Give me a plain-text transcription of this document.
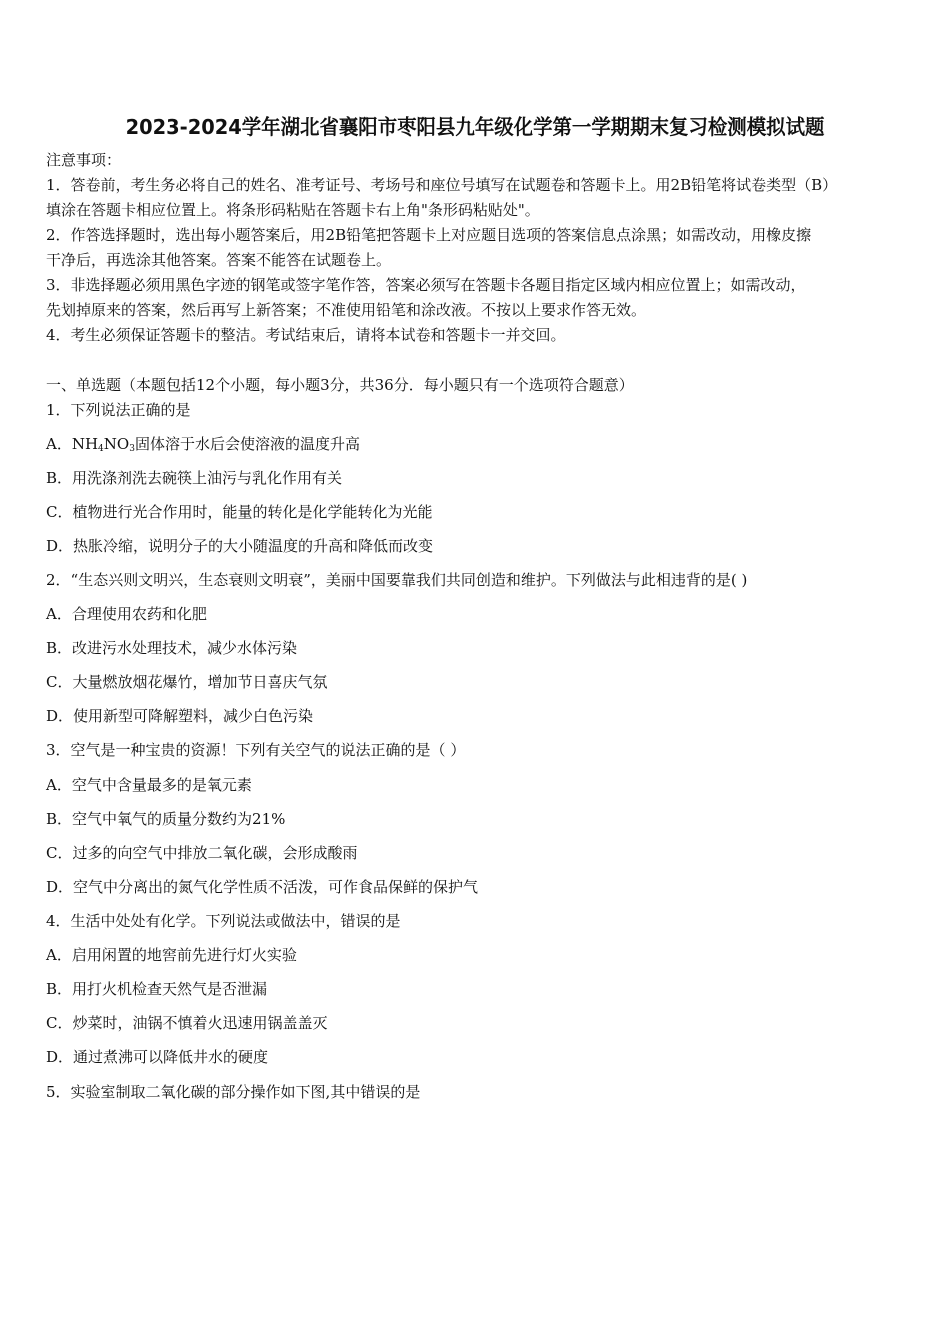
2023-2024学年湖北省襄阳市枣阳县九年级化学第一学期期末复习检测模拟试题
注意事项：
1．答卷前，考生务必将自己的姓名、准考证号、考场号和座位号填写在试题卷和答题卡上。用2B铅笔将试卷类型（B）
填涂在答题卡相应位置上。将条形码粘贴在答题卡右上角"条形码粘贴处"。
2．作答选择题时，选出每小题答案后，用2B铅笔把答题卡上对应题目选项的答案信息点涂黑；如需改动，用橡皮擦
干净后，再选涂其他答案。答案不能答在试题卷上。
3．非选择题必须用黑色字迹的钢笔或签字笔作答，答案必须写在答题卡各题目指定区域内相应位置上；如需改动，
先划掉原来的答案，然后再写上新答案；不准使用铅笔和涂改液。不按以上要求作答无效。
4．考生必须保证答题卡的整洁。考试结束后，请将本试卷和答题卡一并交回。
一、单选题（本题包括12个小题，每小题3分，共36分．每小题只有一个选项符合题意）
1．下列说法正确的是
A．$NH_4NO_3$固体溶于水后会使溶液的温度升高
B．用洗涤剂洗去碗筷上油污与乳化作用有关
C．植物进行光合作用时，能量的转化是化学能转化为光能
D．热胀冷缩，说明分子的大小随温度的升高和降低而改变
2．“生态兴则文明兴，生态衰则文明衰”，美丽中国要靠我们共同创造和维护。下列做法与此相违背的是( )
A．合理使用农药和化肥
B．改进污水处理技术，减少水体污染
C．大量燃放烟花爆竹，增加节日喜庆气氛
D．使用新型可降解塑料，减少白色污染
3．空气是一种宝贵的资源！下列有关空气的说法正确的是（ ）
A．空气中含量最多的是氧元素
B．空气中氧气的质量分数约为21%
C．过多的向空气中排放二氧化碳，会形成酸雨
D．空气中分离出的氮气化学性质不活泼，可作食品保鲜的保护气
4．生活中处处有化学。下列说法或做法中，错误的是
A．启用闲置的地窖前先进行灯火实验
B．用打火机检查天然气是否泄漏
C．炒菜时，油锅不慎着火迅速用锅盖盖灭
D．通过煮沸可以降低井水的硬度
5．实验室制取二氧化碳的部分操作如下图,其中错误的是
